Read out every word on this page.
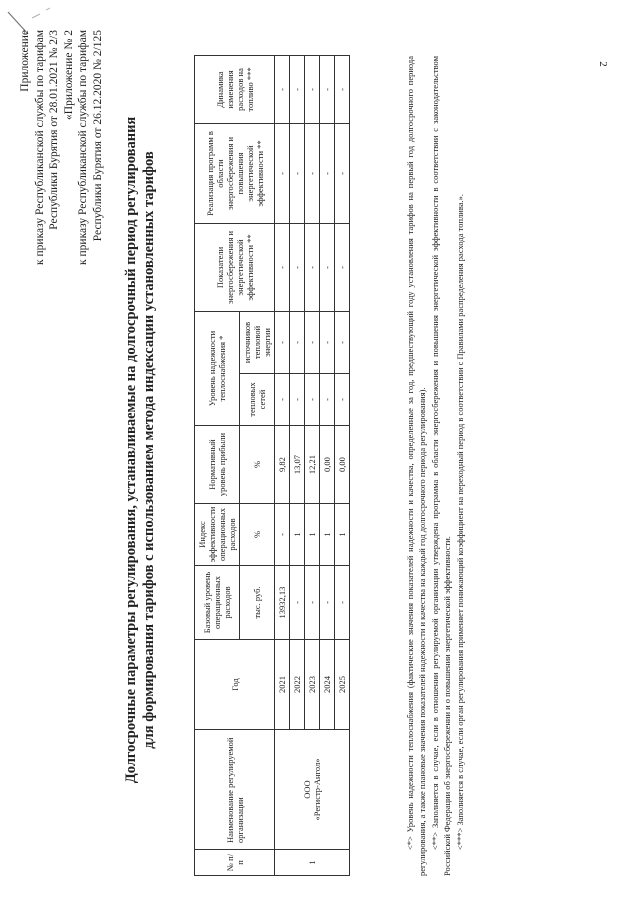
2
Приложение к приказу Республиканской службы по тарифам Республики Бурятия от 28.01.2021 № 2/3 «Приложение № 2 к приказу Республиканской службы по тарифам Республики Бурятия от 26.12.2020 № 2/125 Долгосрочные параметры регулирования, устанавливаемые на долгосрочный период регулирования для формирования тарифов с использованием метода индексации установленных тарифов
№ п/п	Наименование регулируемой организации	Год	Базовый уровень операционных расходов	Индекс эффективности операционных расходов	Нормативный уровень прибыли	Уровень надежности теплоснабжения *		Показатели энергосбережения и энергетической эффективности **	Реализация программ в области энергосбережения и повышения энергетической эффективности **	Динамика изменения расходов на топливо ***
			тыс. руб.	%	%	тепловых сетей	источников тепловой энергии			
1	ООО «Регистр-Ангол»	2021	13932,13	-	9,82	-	-	-	-	-
		2022	-	1	13,07	-	-	-	-	-
		2023	-	1	12,21	-	-	-	-	-
		2024	-	1	0,00	-	-	-	-	-
		2025	-	1	0,00	-	-	-	-	-	<*> Уровень надежности теплоснабжения (фактические значения показателей надежности и качества, определенные за год, предшествующий году установления тарифов на первый год долгосрочного периода регулирования, а также плановые значения показателей надежности и качества на каждый год долгосрочного периода регулирования). <**> Заполняется в случае, если в отношении регулируемой организации утверждена программа в области энергосбережения и повышения энергетической эффективности в соответствии с законодательством Российской Федерации об энергосбережении и о повышении энергетической эффективности. <***> Заполняется в случае, если орган регулирования применяет понижающий коэффициент на переходный период в соответствии с Правилами распределения расхода топлива.».
